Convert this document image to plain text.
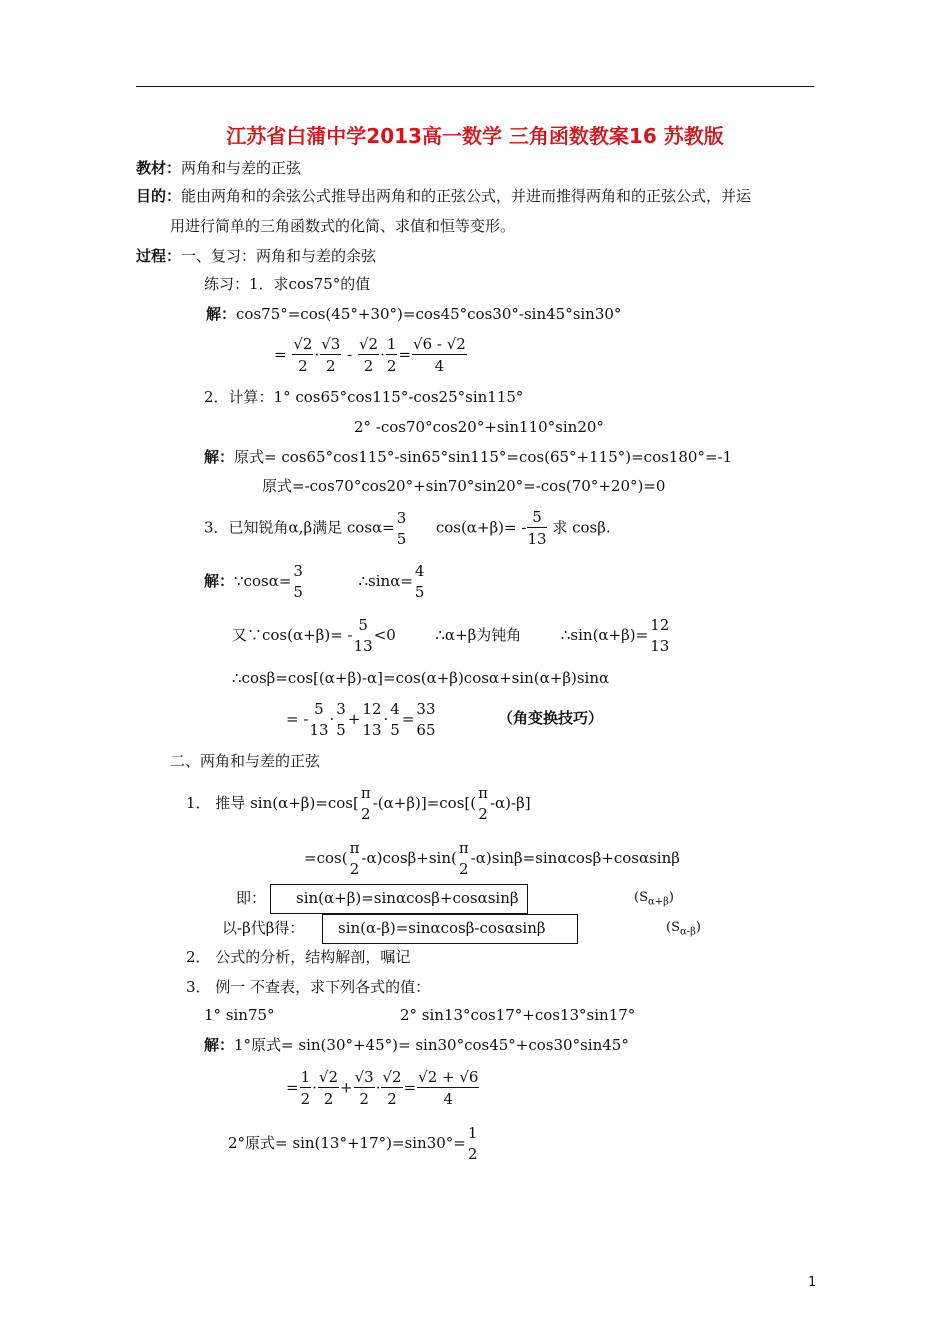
江苏省白蒲中学2013高一数学 三角函数教案16 苏教版
教材：两角和与差的正弦
目的：能由两角和的余弦公式推导出两角和的正弦公式，并进而推得两角和的正弦公式，并运
用进行简单的三角函数式的化简、求值和恒等变形。
过程：一、复习：两角和与差的余弦
练习：1．求cos75°的值
解：cos75°=cos(45°+30°)=cos45°cos30°-sin45°sin30°
= $\frac{√2}{2} \cdot \frac{√3}{2} - \frac{√2}{2} \cdot \frac{1}{2} = \frac{√6 - √2}{4}$
2．计算：1° cos65°cos115°-cos25°sin115°
2° -cos70°cos20°+sin110°sin20°
解：原式= cos65°cos115°-sin65°sin115°=cos(65°+115°)=cos180°=-1
原式=-cos70°cos20°+sin70°sin20°=-cos(70°+20°)=0
3．已知锐角α,β满足 cosα=
3
5
$\cos(\alpha+\beta)= - \frac{5}{13}$ 求 cosβ.
解：∵cosα=
3
5
∴sinα=
4
5
又∵cos(α+β)= -
5
13
<0	∴α+β为钝角	∴sin(α+β)=
12
13
∴cosβ=cos[(α+β)-α]=cos(α+β)cosα+sin(α+β)sinα
= -
5
13
·
3
5
+
12
13
·
4
5
=
33
65
（角变换技巧）
二、两角和与差的正弦
1． 推导 sin(α+β)=cos[
π
2
-(α+β)]=cos[(
π
2
-α)-β]
=cos(
π
2
-α)cosβ+sin(
π
2
-α)sinβ=sinαcosβ+cosαsinβ
即： sin(α+β)=sinαcosβ+cosαsinβ	$(S_{\alpha+\beta})$
以-β代β得： sin(α-β)=sinαcosβ-cosαsinβ	$(S_{\alpha-\beta})$
2． 公式的分析，结构解剖，嘱记
3． 例一 不查表，求下列各式的值：
1° sin75°	2° sin13°cos17°+cos13°sin17°
解：1°原式= sin(30°+45°)= sin30°cos45°+cos30°sin45°
= $\frac{1}{2} \cdot \frac{√2}{2} + \frac{√3}{2} \cdot \frac{√2}{2} = \frac{√2 + √6}{4}$
2°原式= sin(13°+17°)=sin30°=
1
2
1
